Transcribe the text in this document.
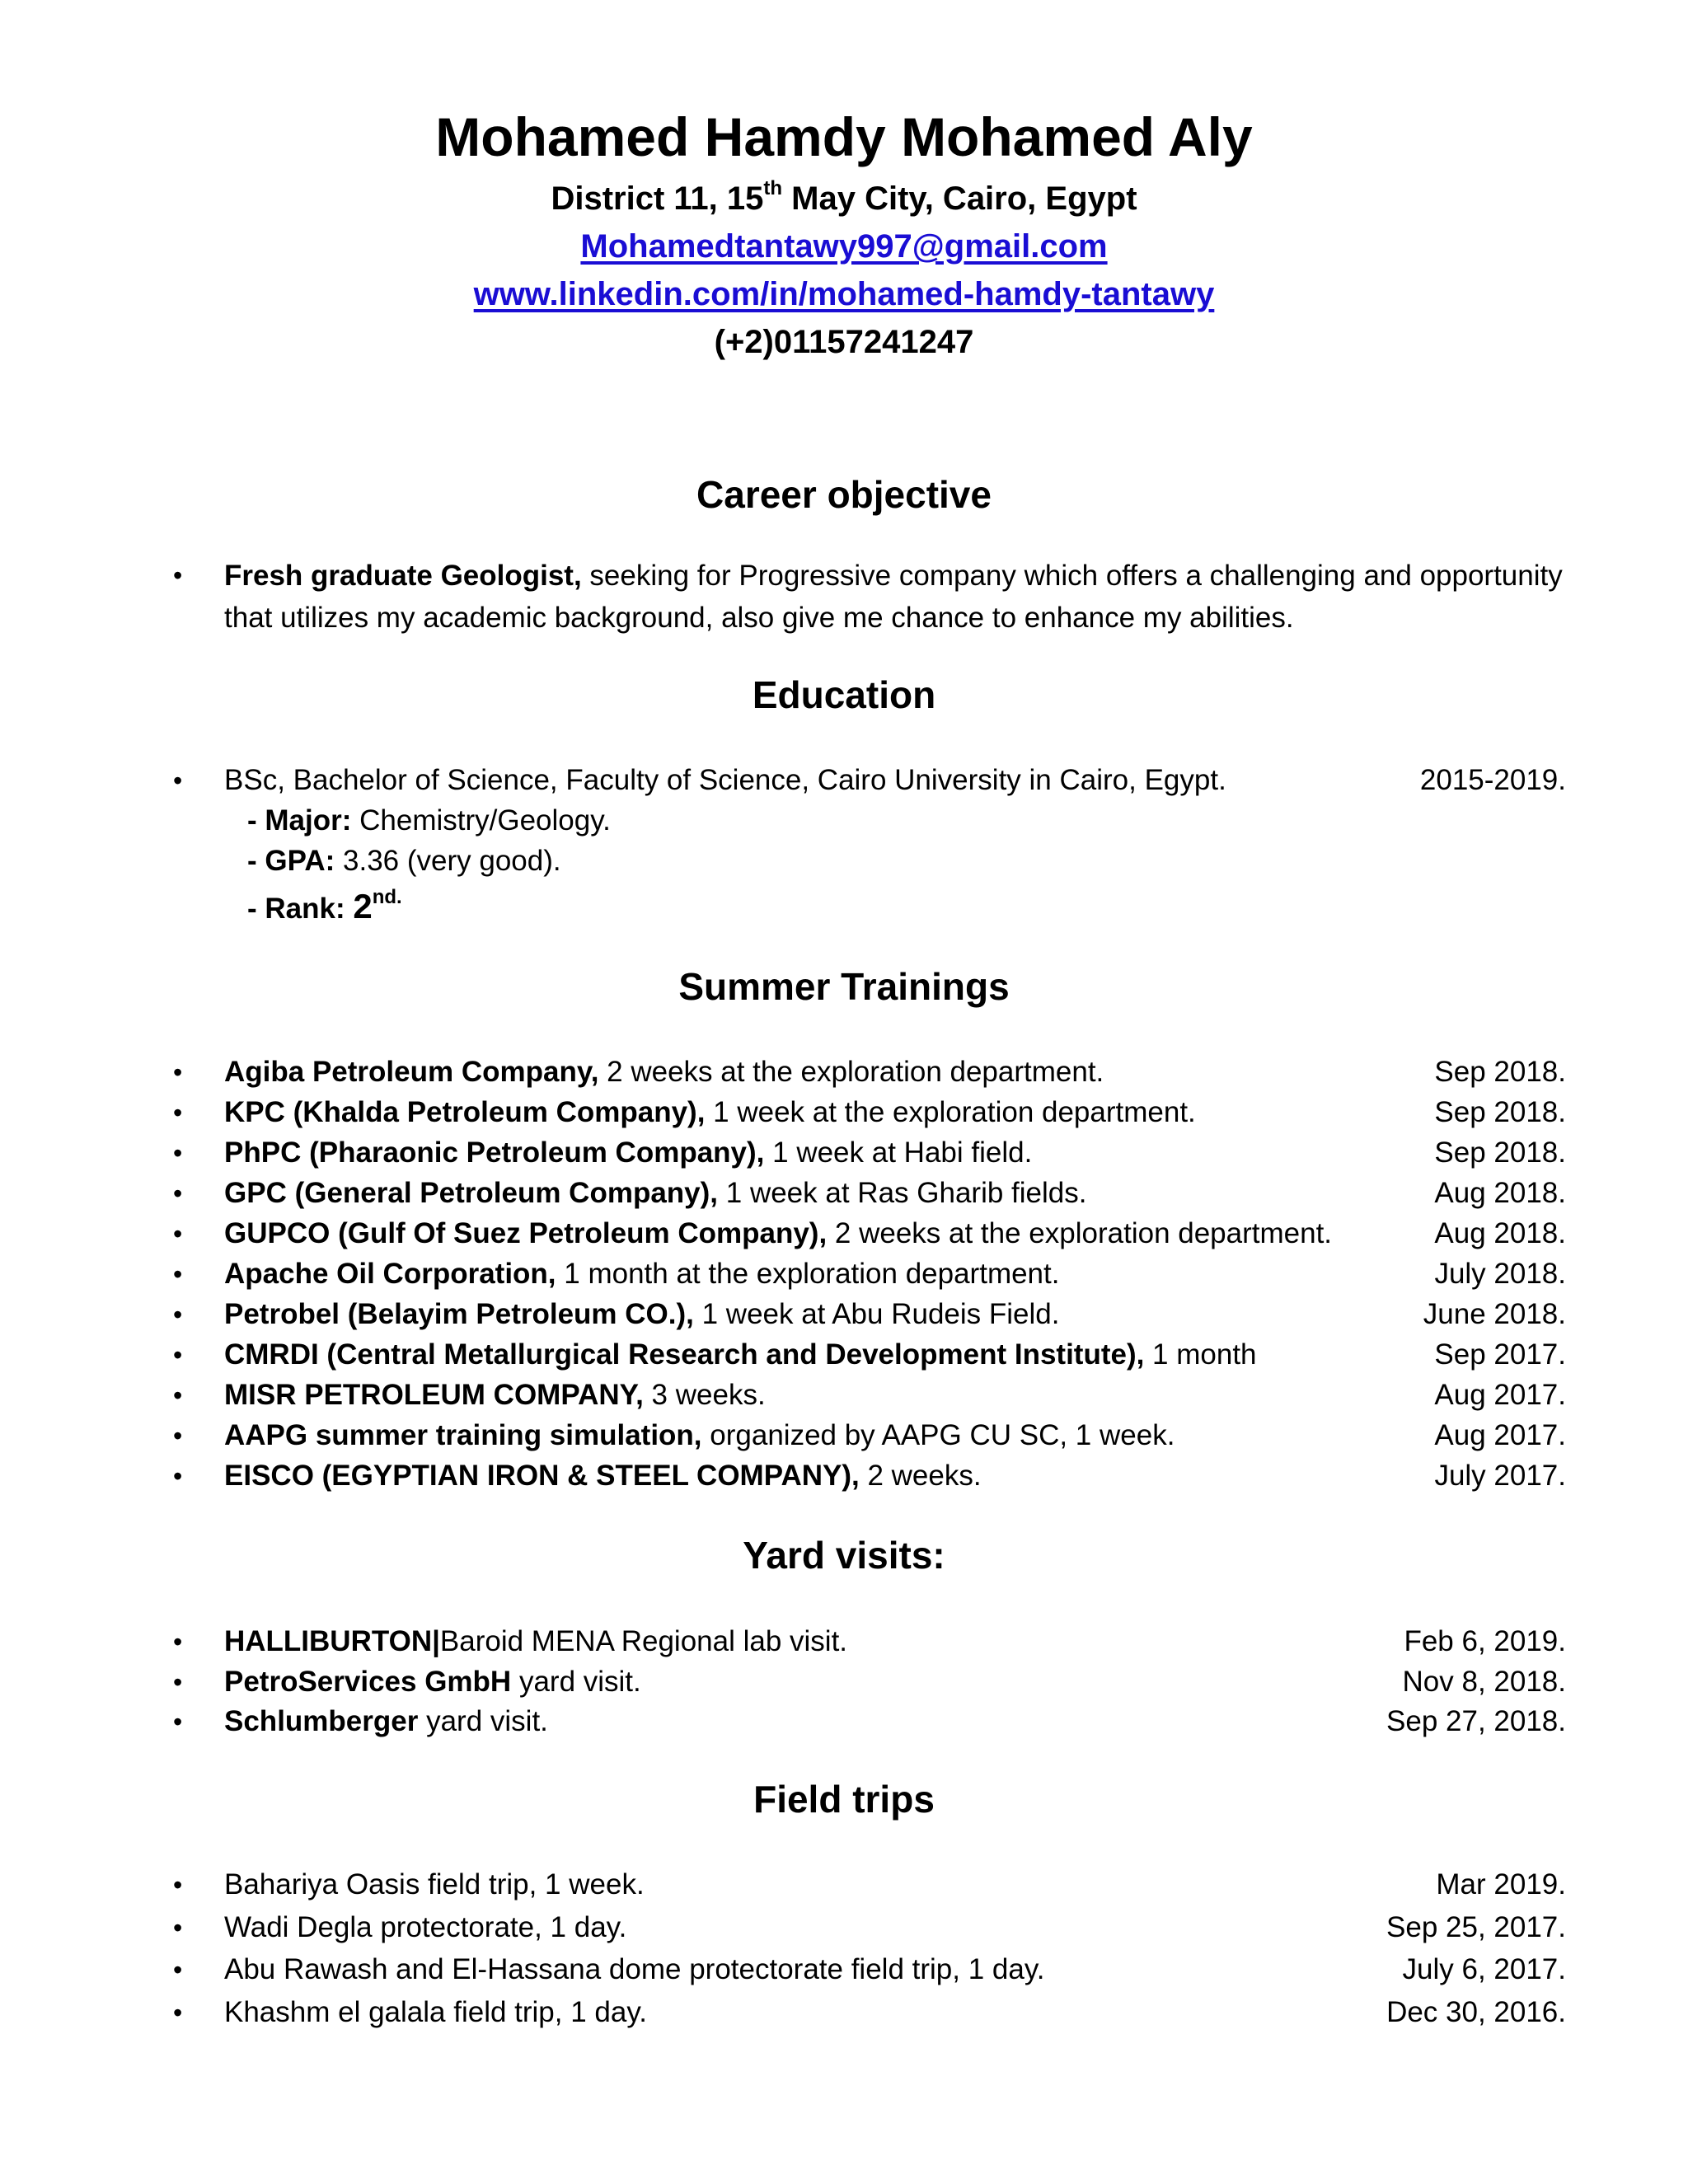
Mohamed Hamdy Mohamed Aly

District 11, 15th May City, Cairo, Egypt

Mohamedtantawy997@gmail.com

www.linkedin.com/in/mohamed-hamdy-tantawy

(+2)01157241247

Career objective

•	Fresh graduate Geologist, seeking for Progressive company which offers a challenging and opportunity that utilizes my academic background, also give me chance to enhance my abilities.

Education

• BSc, Bachelor of Science, Faculty of Science, Cairo University in Cairo, Egypt.	2015-2019.
- Major: Chemistry/Geology.
- GPA: 3.36 (very good).
- Rank: $2^{nd.}$

Summer Trainings

• Agiba Petroleum Company, 2 weeks at the exploration department.	Sep 2018.
• KPC (Khalda Petroleum Company), 1 week at the exploration department.	Sep 2018.
• PhPC (Pharaonic Petroleum Company), 1 week at Habi field.	Sep 2018.
• GPC (General Petroleum Company), 1 week at Ras Gharib fields.	Aug 2018.
• GUPCO (Gulf Of Suez Petroleum Company), 2 weeks at the exploration department.	Aug 2018.
• Apache Oil Corporation, 1 month at the exploration department.	July 2018.
• Petrobel (Belayim Petroleum CO.), 1 week at Abu Rudeis Field.	June 2018.
• CMRDI (Central Metallurgical Research and Development Institute), 1 month	Sep 2017.
• MISR PETROLEUM COMPANY, 3 weeks.	Aug 2017.
• AAPG summer training simulation, organized by AAPG CU SC, 1 week.	Aug 2017.
• EISCO (EGYPTIAN IRON & STEEL COMPANY), 2 weeks.	July 2017.

Yard visits:

• HALLIBURTON|Baroid MENA Regional lab visit.	Feb 6, 2019.
• PetroServices GmbH yard visit.	Nov 8, 2018.
• Schlumberger yard visit.	Sep 27, 2018.

Field trips

• Bahariya Oasis field trip, 1 week.	Mar 2019.
• Wadi Degla protectorate, 1 day.	Sep 25, 2017.
• Abu Rawash and El-Hassana dome protectorate field trip, 1 day.	July 6, 2017.
• Khashm el galala field trip, 1 day.	Dec 30, 2016.
